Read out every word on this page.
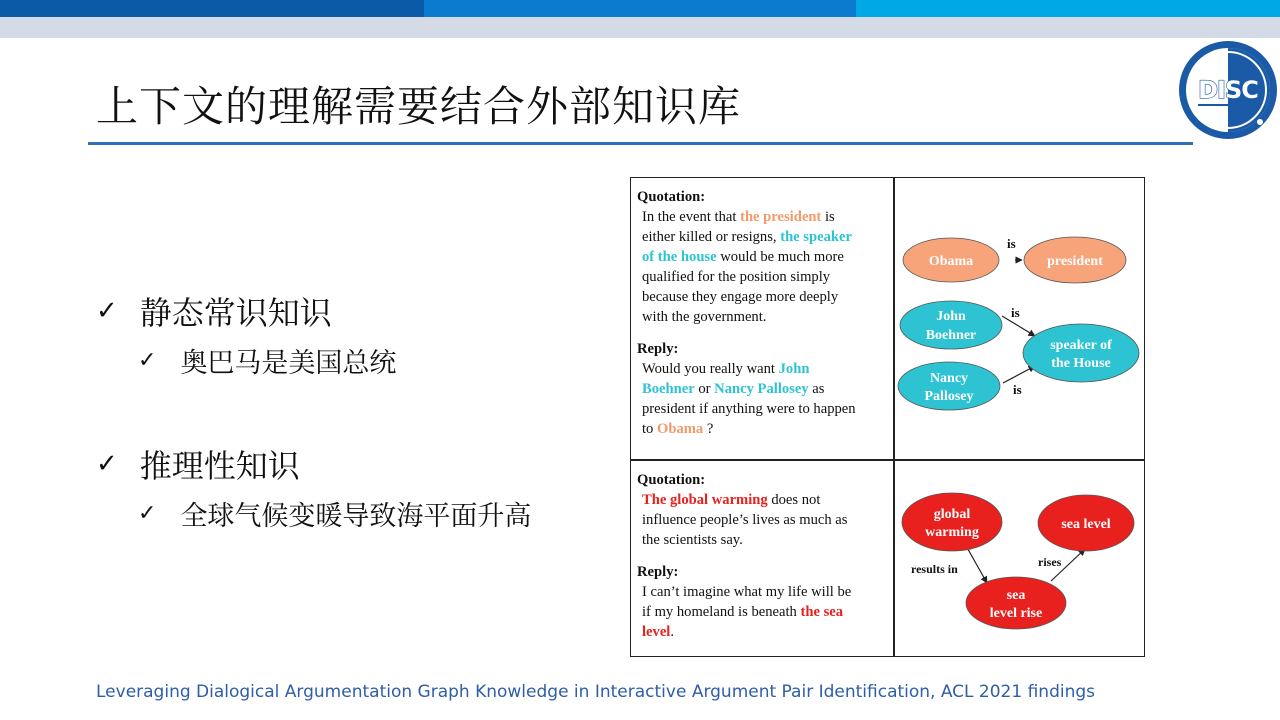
DISC
上下文的理解需要结合外部知识库
✓ 静态常识知识
✓ 奥巴马是美国总统
✓ 推理性知识
✓ 全球气候变暖导致海平面升高
Quotation:
In the event that the president is
either killed or resigns, the speaker
of the house would be much more
qualified for the position simply
because they engage more deeply
with the government.
Reply:
Would you really want John
Boehner or Nancy Pallosey as
president if anything were to happen
to Obama ?
Quotation:
The global warming does not
influence people’s lives as much as
the scientists say.
Reply:
I can’t imagine what my life will be
if my homeland is beneath the sea
level.
is
Obama	president
is
is
John
Boehner
speaker of
the House
Nancy
Pallosey
results in	rises
global
warming
sea level
sea
level rise

Leveraging Dialogical Argumentation Graph Knowledge in Interactive Argument Pair Identification, ACL 2021 findings
